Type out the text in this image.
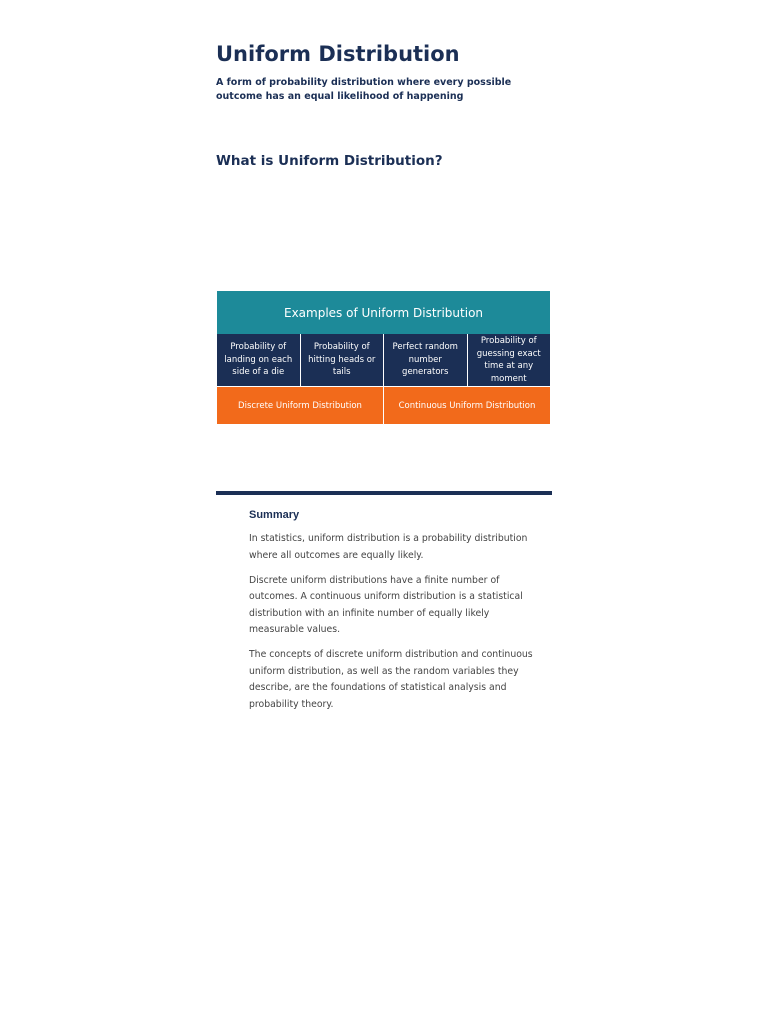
Uniform Distribution

A form of probability distribution where every possible outcome has an equal likelihood of happening

What is Uniform Distribution?
Examples of Uniform Distribution
Probability of landing on each side of a die
Probability of hitting heads or tails
Perfect random number generators
Probability of guessing exact time at any moment
Discrete Uniform Distribution	Continuous Uniform Distribution
Summary

In statistics, uniform distribution is a probability distribution where all outcomes are equally likely.

Discrete uniform distributions have a finite number of outcomes. A continuous uniform distribution is a statistical distribution with an infinite number of equally likely measurable values.

The concepts of discrete uniform distribution and continuous uniform distribution, as well as the random variables they describe, are the foundations of statistical analysis and probability theory.
